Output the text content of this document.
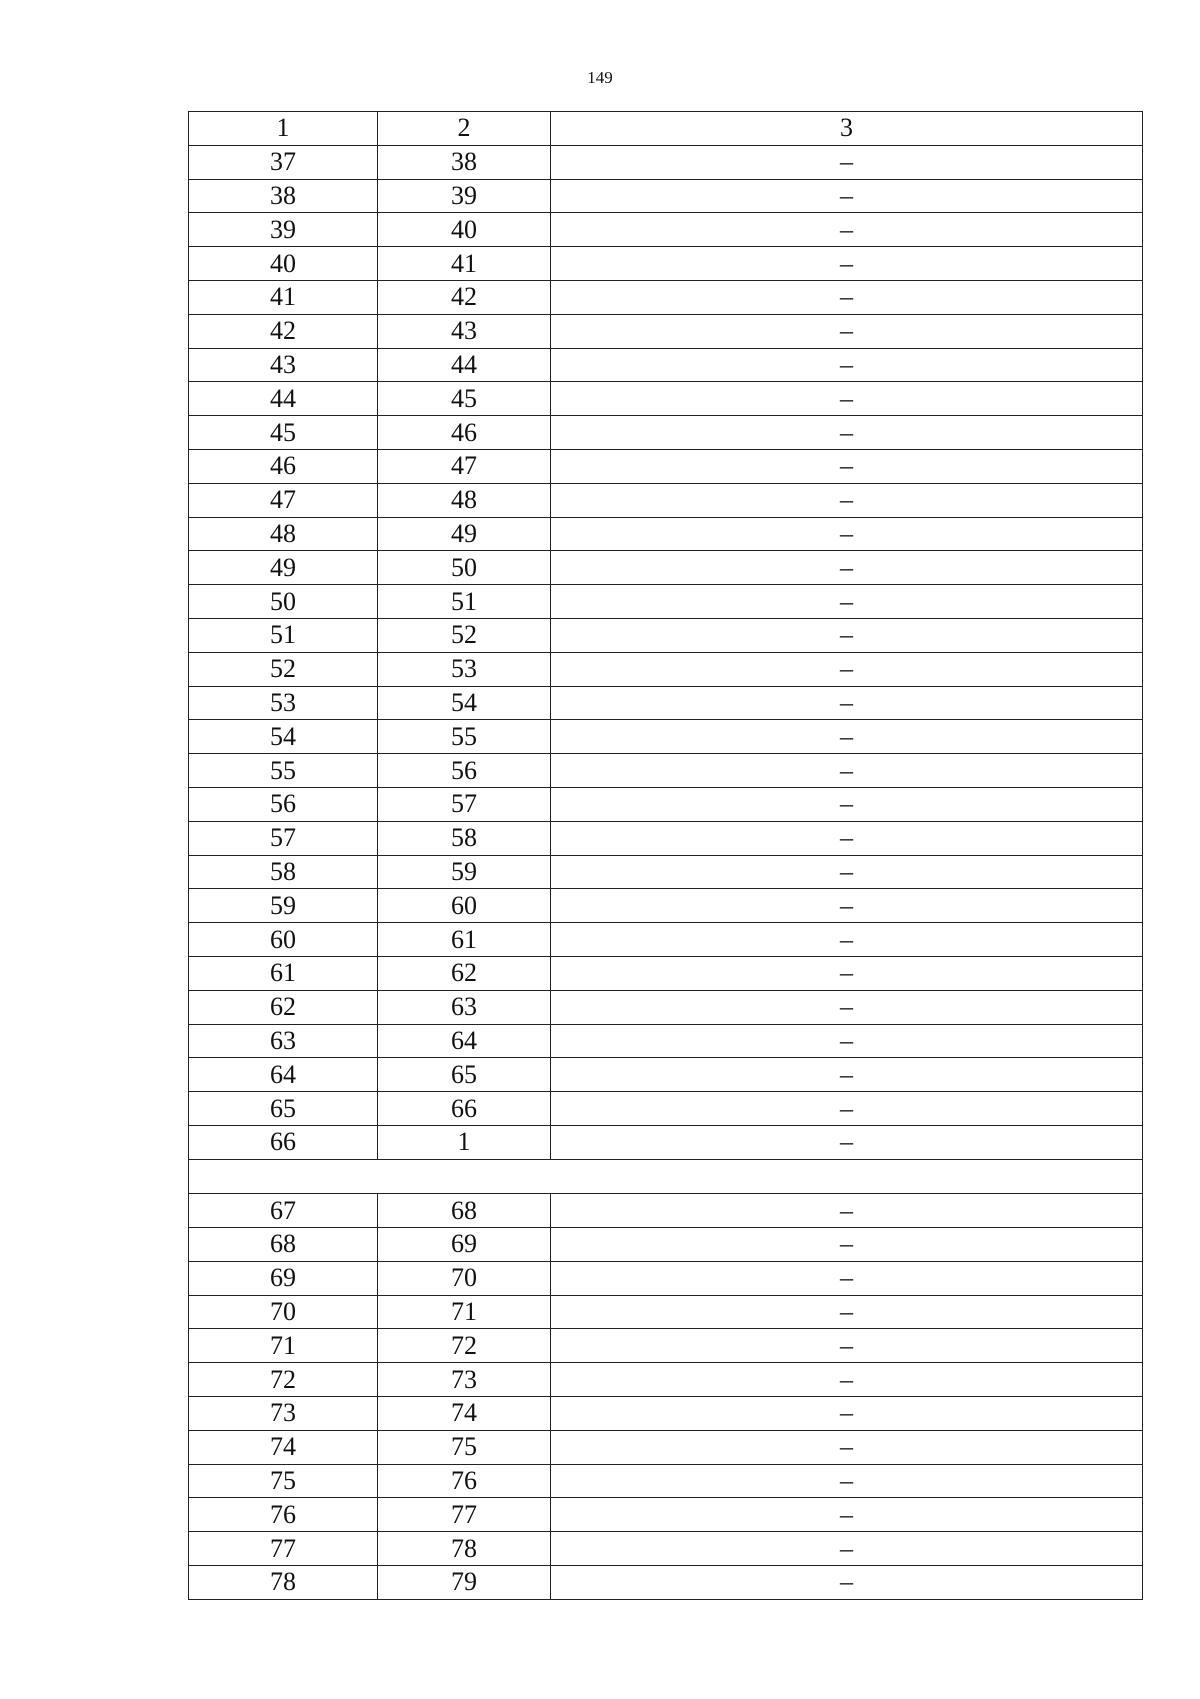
149
1	2	3
37	38	–
38	39	–
39	40	–
40	41	–
41	42	–
42	43	–
43	44	–
44	45	–
45	46	–
46	47	–
47	48	–
48	49	–
49	50	–
50	51	–
51	52	–
52	53	–
53	54	–
54	55	–
55	56	–
56	57	–
57	58	–
58	59	–
59	60	–
60	61	–
61	62	–
62	63	–
63	64	–
64	65	–
65	66	–
66	1	–

67	68	–
68	69	–
69	70	–
70	71	–
71	72	–
72	73	–
73	74	–
74	75	–
75	76	–
76	77	–
77	78	–
78	79	–
